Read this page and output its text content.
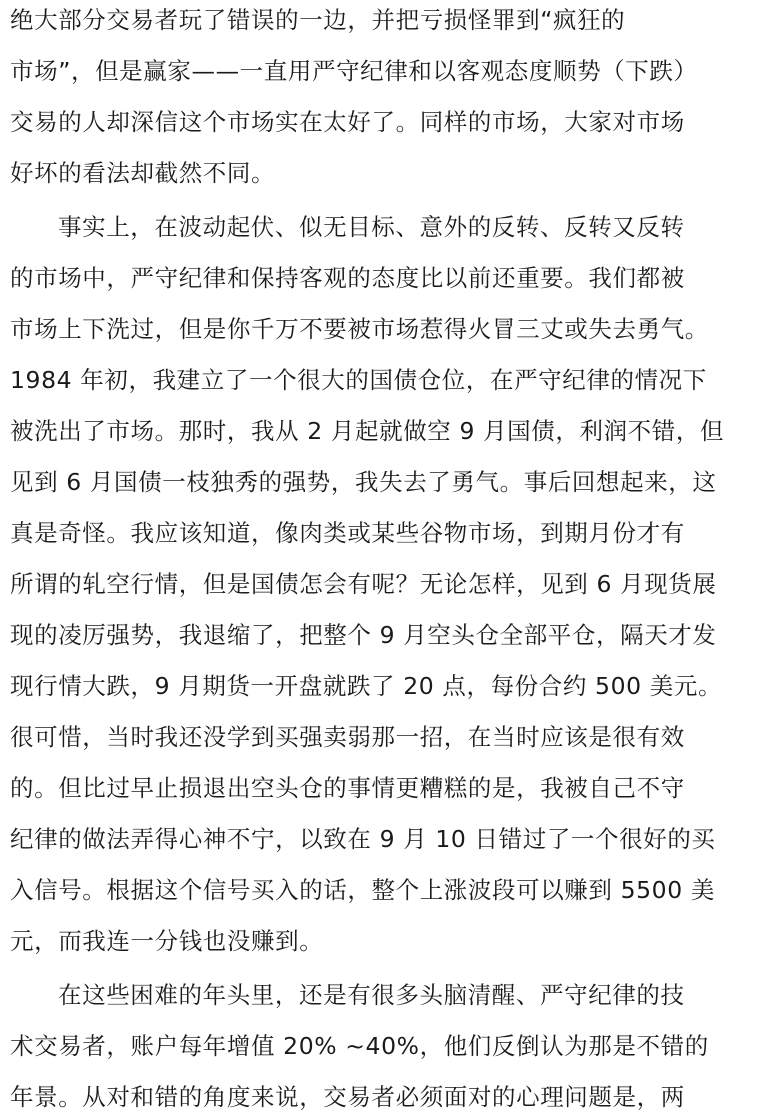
绝大部分交易者玩了错误的一边，并把亏损怪罪到“疯狂的
市场”，但是赢家——一直用严守纪律和以客观态度顺势（下跌）
交易的人却深信这个市场实在太好了。同样的市场，大家对市场
好坏的看法却截然不同。
事实上，在波动起伏、似无目标、意外的反转、反转又反转
的市场中，严守纪律和保持客观的态度比以前还重要。我们都被
市场上下洗过，但是你千万不要被市场惹得火冒三丈或失去勇气。
1984 年初，我建立了一个很大的国债仓位，在严守纪律的情况下
被洗出了市场。那时，我从 2 月起就做空 9 月国债，利润不错，但
见到 6 月国债一枝独秀的强势，我失去了勇气。事后回想起来，这
真是奇怪。我应该知道，像肉类或某些谷物市场，到期月份才有
所谓的轧空行情，但是国债怎会有呢？无论怎样，见到 6 月现货展
现的凌厉强势，我退缩了，把整个 9 月空头仓全部平仓，隔天才发
现行情大跌，9 月期货一开盘就跌了 20 点，每份合约 500 美元。
很可惜，当时我还没学到买强卖弱那一招，在当时应该是很有效
的。但比过早止损退出空头仓的事情更糟糕的是，我被自己不守
纪律的做法弄得心神不宁，以致在 9 月 10 日错过了一个很好的买
入信号。根据这个信号买入的话，整个上涨波段可以赚到 5500 美
元，而我连一分钱也没赚到。
在这些困难的年头里，还是有很多头脑清醒、严守纪律的技
术交易者，账户每年增值 20% ~40%，他们反倒认为那是不错的
年景。从对和错的角度来说，交易者必须面对的心理问题是，两
